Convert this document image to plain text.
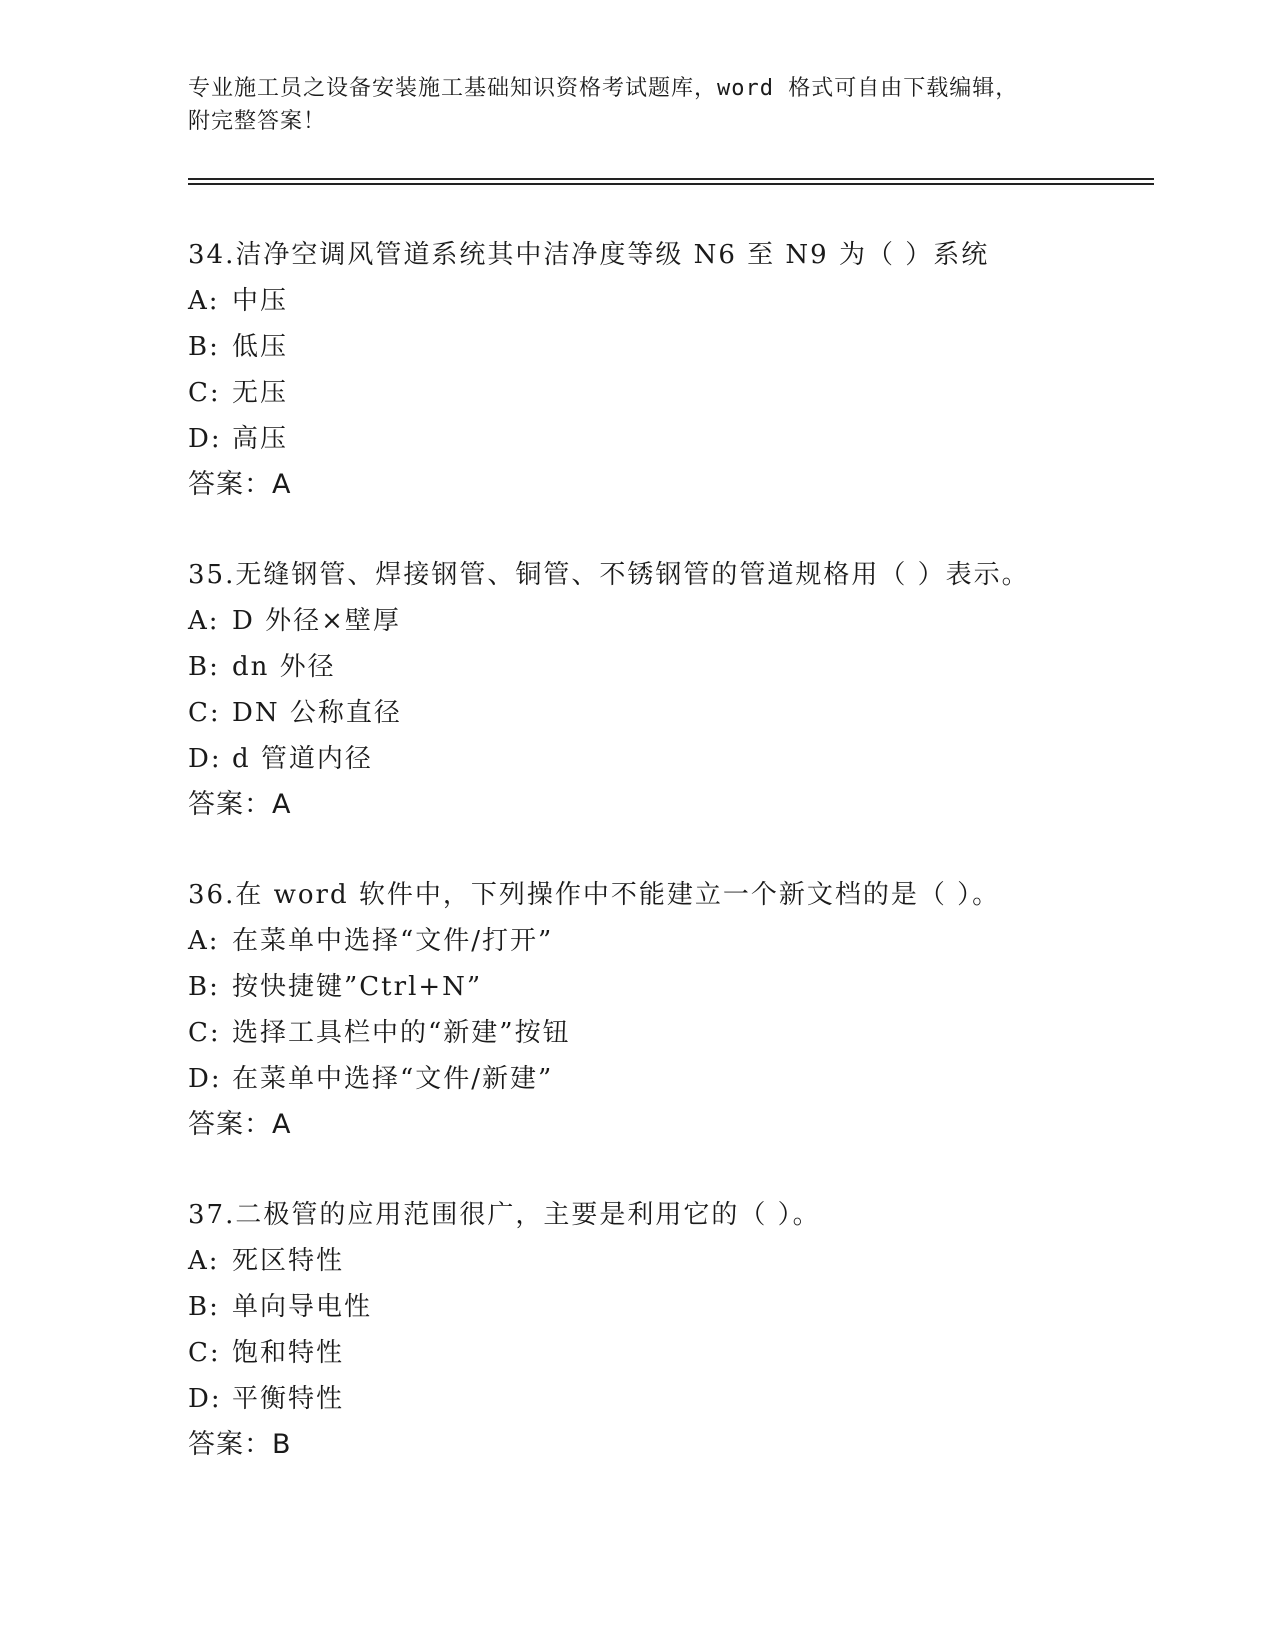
专业施工员之设备安装施工基础知识资格考试题库，word 格式可自由下载编辑，
附完整答案！
34.洁净空调风管道系统其中洁净度等级 N6 至 N9 为（ ）系统
A: 中压
B: 低压
C: 无压
D: 高压
答案：A
35.无缝钢管、焊接钢管、铜管、不锈钢管的管道规格用（ ）表示。
A: D 外径×壁厚
B: dn 外径
C: DN 公称直径
D: d 管道内径
答案：A
36.在 word 软件中，下列操作中不能建立一个新文档的是（ ）。
A: 在菜单中选择“文件/打开”
B: 按快捷键”Ctrl+N”
C: 选择工具栏中的“新建”按钮
D: 在菜单中选择“文件/新建”
答案：A
37.二极管的应用范围很广，主要是利用它的（ ）。
A: 死区特性
B: 单向导电性
C: 饱和特性
D: 平衡特性
答案：B
